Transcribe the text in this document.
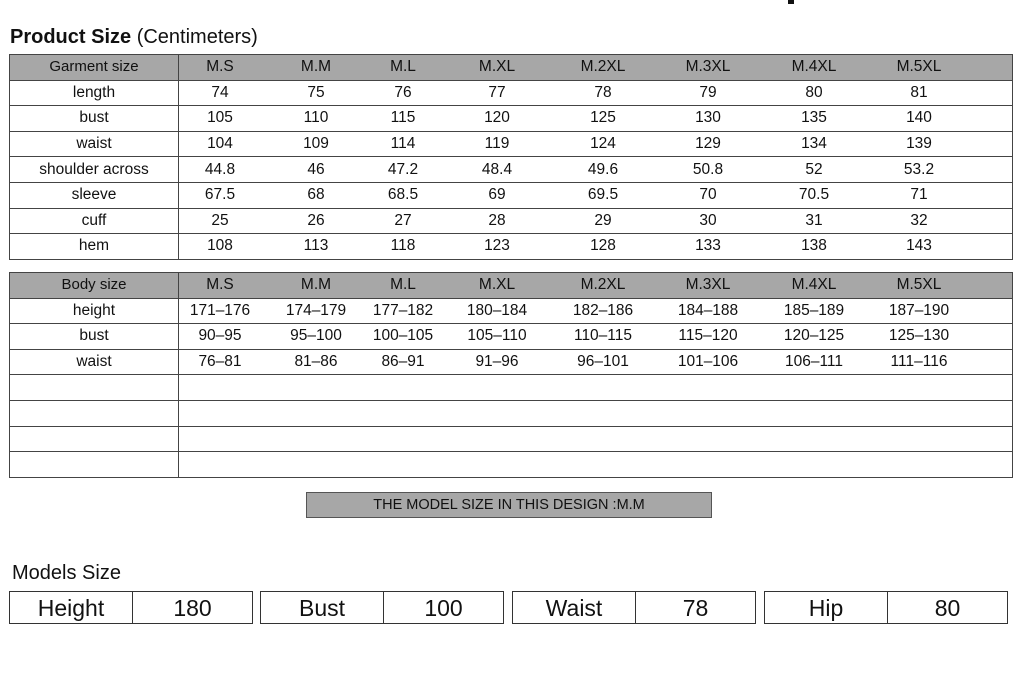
Product Size (Centimeters)
Garment size	M.S M.M M.L M.XL M.2XL M.3XL M.4XL M.5XL
length	74 75 76 77 78 79 80 81
bust	105 110 115 120 125 130 135 140
waist	104 109 114 119 124 129 134 139
shoulder across	44.8 46 47.2 48.4 49.6 50.8 52 53.2
sleeve	67.5 68 68.5 69 69.5 70 70.5 71
cuff	25 26 27 28 29 30 31 32
hem	108 113 118 123 128 133 138 143
Body size	M.S M.M M.L M.XL M.2XL M.3XL M.4XL M.5XL
height	171–176 174–179 177–182 180–184 182–186 184–188 185–189 187–190
bust	90–95 95–100 100–105 105–110 110–115 115–120 120–125 125–130
waist	76–81 81–86 86–91 91–96 96–101 101–106 106–111 111–116

THE MODEL SIZE IN THIS DESIGN :M.M
Models Size
Height	180	Bust	100	Waist	78	Hip	80
